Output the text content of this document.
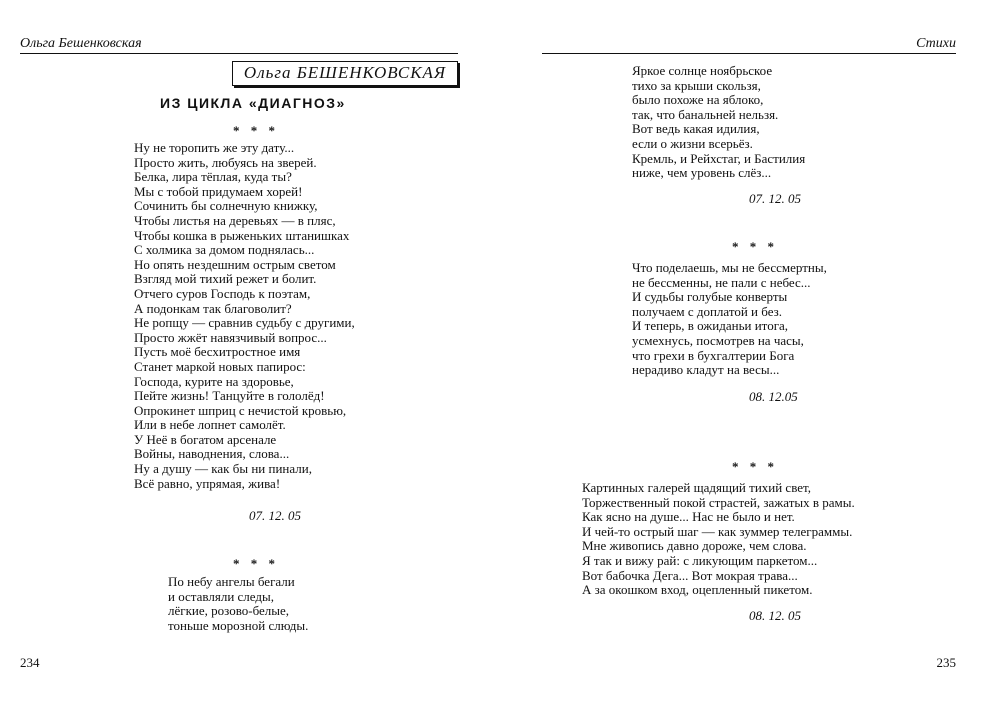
Ольга Бешенковская
Ольга БЕШЕНКОВСКАЯ
ИЗ ЦИКЛА «ДИАГНОЗ»
* * *
Ну не торопить же эту дату...
Просто жить, любуясь на зверей.
Белка, лира тёплая, куда ты?
Мы с тобой придумаем хорей!
Сочинить бы солнечную книжку,
Чтобы листья на деревьях — в пляс,
Чтобы кошка в рыженьких штанишках
С холмика за домом поднялась...
Но опять нездешним острым светом
Взгляд мой тихий режет и болит.
Отчего суров Господь к поэтам,
А подонкам так благоволит?
Не ропщу — сравнив судьбу с другими,
Просто жжёт навязчивый вопрос...
Пусть моё бесхитростное имя
Станет маркой новых папирос:
Господа, курите на здоровье,
Пейте жизнь! Танцуйте в гололёд!
Опрокинет шприц с нечистой кровью,
Или в небе лопнет самолёт.
У Неё в богатом арсенале
Войны, наводнения, слова...
Ну а душу — как бы ни пинали,
Всё равно, упрямая, жива!
07. 12. 05
* * *
По небу ангелы бегали
и оставляли следы,
лёгкие, розово-белые,
тоньше морозной слюды.
234
Стихи
Яркое солнце ноябрьское
тихо за крыши скользя,
было похоже на яблоко,
так, что банальней нельзя.
Вот ведь какая идилия,
если о жизни всерьёз.
Кремль, и Рейхстаг, и Бастилия
ниже, чем уровень слёз...
07. 12. 05
* * *
Что поделаешь, мы не бессмертны,
не бессменны, не пали с небес...
И судьбы голубые конверты
получаем с доплатой и без.
И теперь, в ожиданьи итога,
усмехнусь, посмотрев на часы,
что грехи в бухгалтерии Бога
нерадиво кладут на весы...
08. 12.05
* * *
Картинных галерей щадящий тихий свет,
Торжественный покой страстей, зажатых в рамы.
Как ясно на душе... Нас не было и нет.
И чей-то острый шаг — как зуммер телеграммы.
Мне живопись давно дороже, чем слова.
Я так и вижу рай: с ликующим паркетом...
Вот бабочка Дега... Вот мокрая трава...
А за окошком вход, оцепленный пикетом.
08. 12. 05
235
